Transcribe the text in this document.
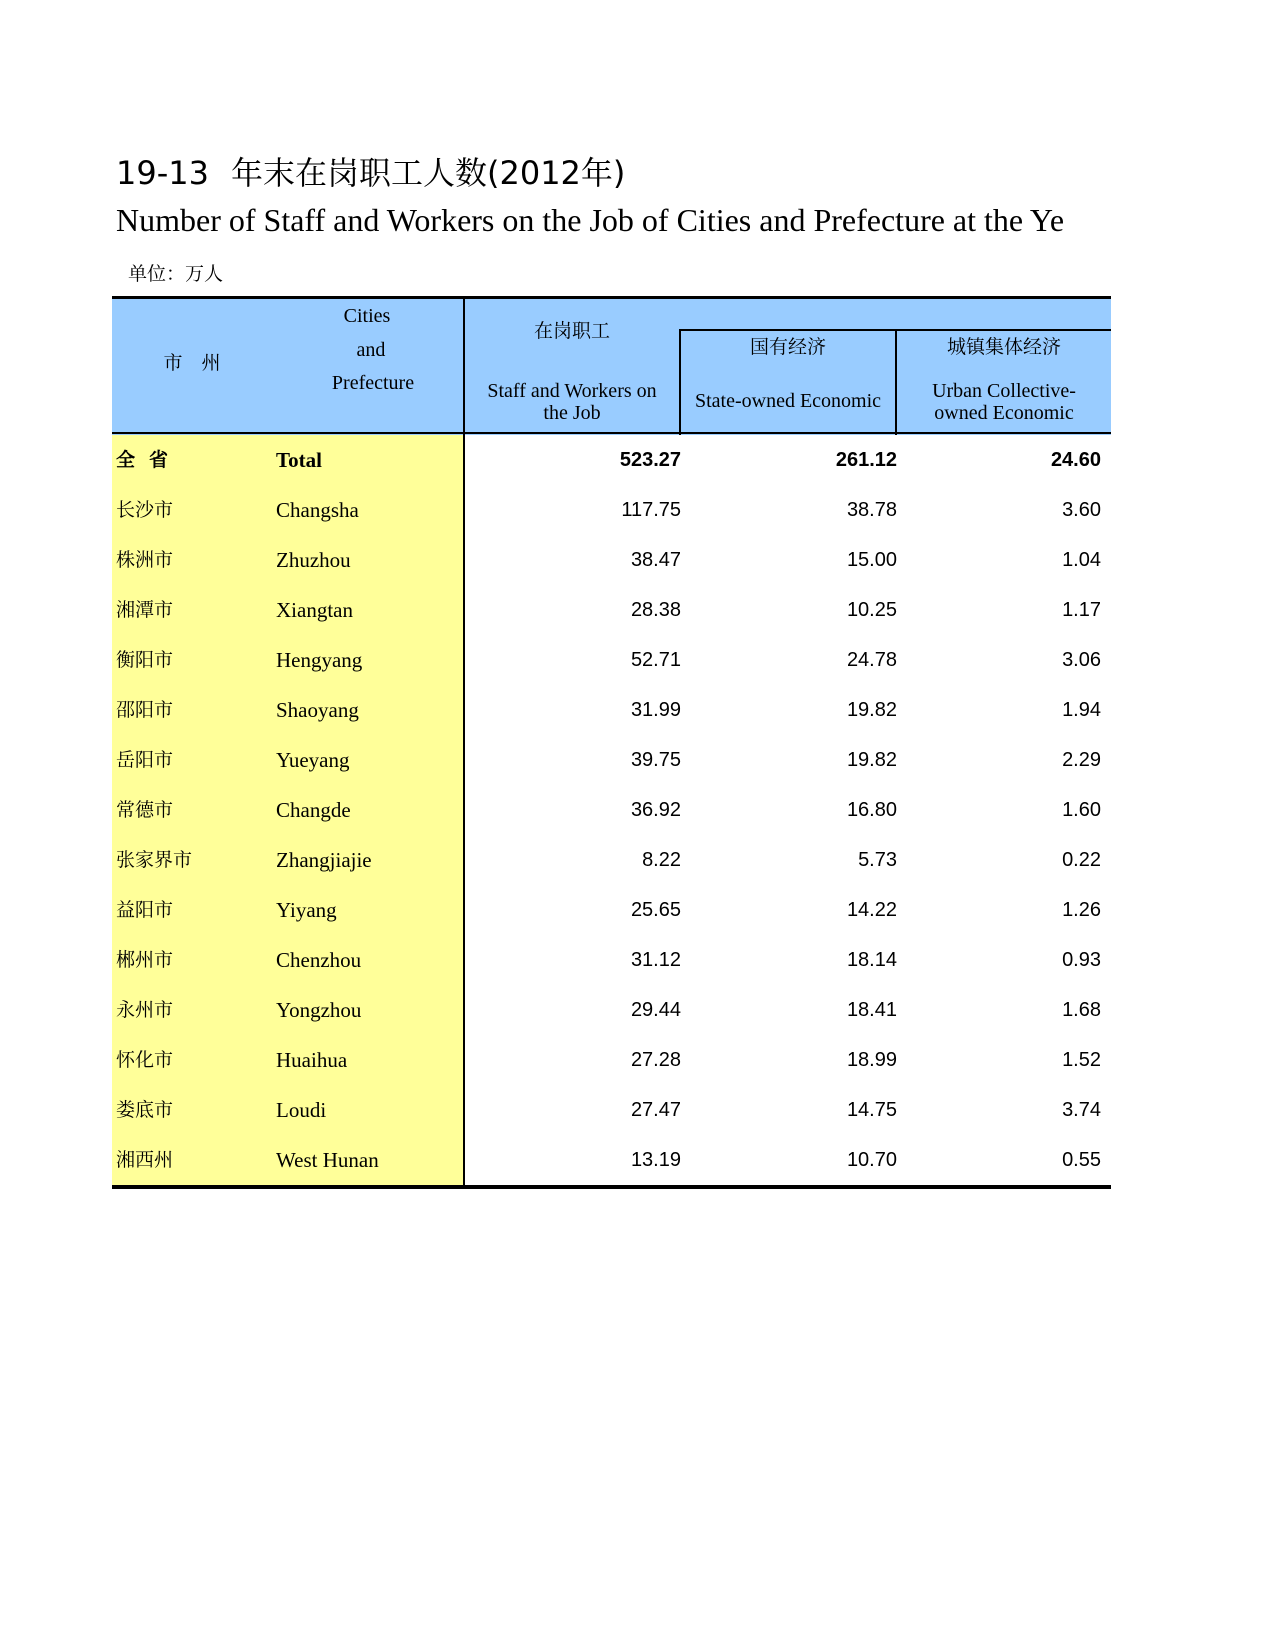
19-13 年末在岗职工人数(2012年)
Number of Staff and Workers on the Job of Cities and Prefecture at the Ye
单位：万人
市　州
Cities
and
Prefecture
在岗职工
Staff and Workers on
the Job
国有经济
State-owned Economic
城镇集体经济
Urban Collective-
owned Economic
全省	Total	523.27	261.12	24.60
长沙市	Changsha	117.75	38.78	3.60
株洲市	Zhuzhou	38.47	15.00	1.04
湘潭市	Xiangtan	28.38	10.25	1.17
衡阳市	Hengyang	52.71	24.78	3.06
邵阳市	Shaoyang	31.99	19.82	1.94
岳阳市	Yueyang	39.75	19.82	2.29
常德市	Changde	36.92	16.80	1.60
张家界市	Zhangjiajie	8.22	5.73	0.22
益阳市	Yiyang	25.65	14.22	1.26
郴州市	Chenzhou	31.12	18.14	0.93
永州市	Yongzhou	29.44	18.41	1.68
怀化市	Huaihua	27.28	18.99	1.52
娄底市	Loudi	27.47	14.75	3.74
湘西州	West Hunan	13.19	10.70	0.55
